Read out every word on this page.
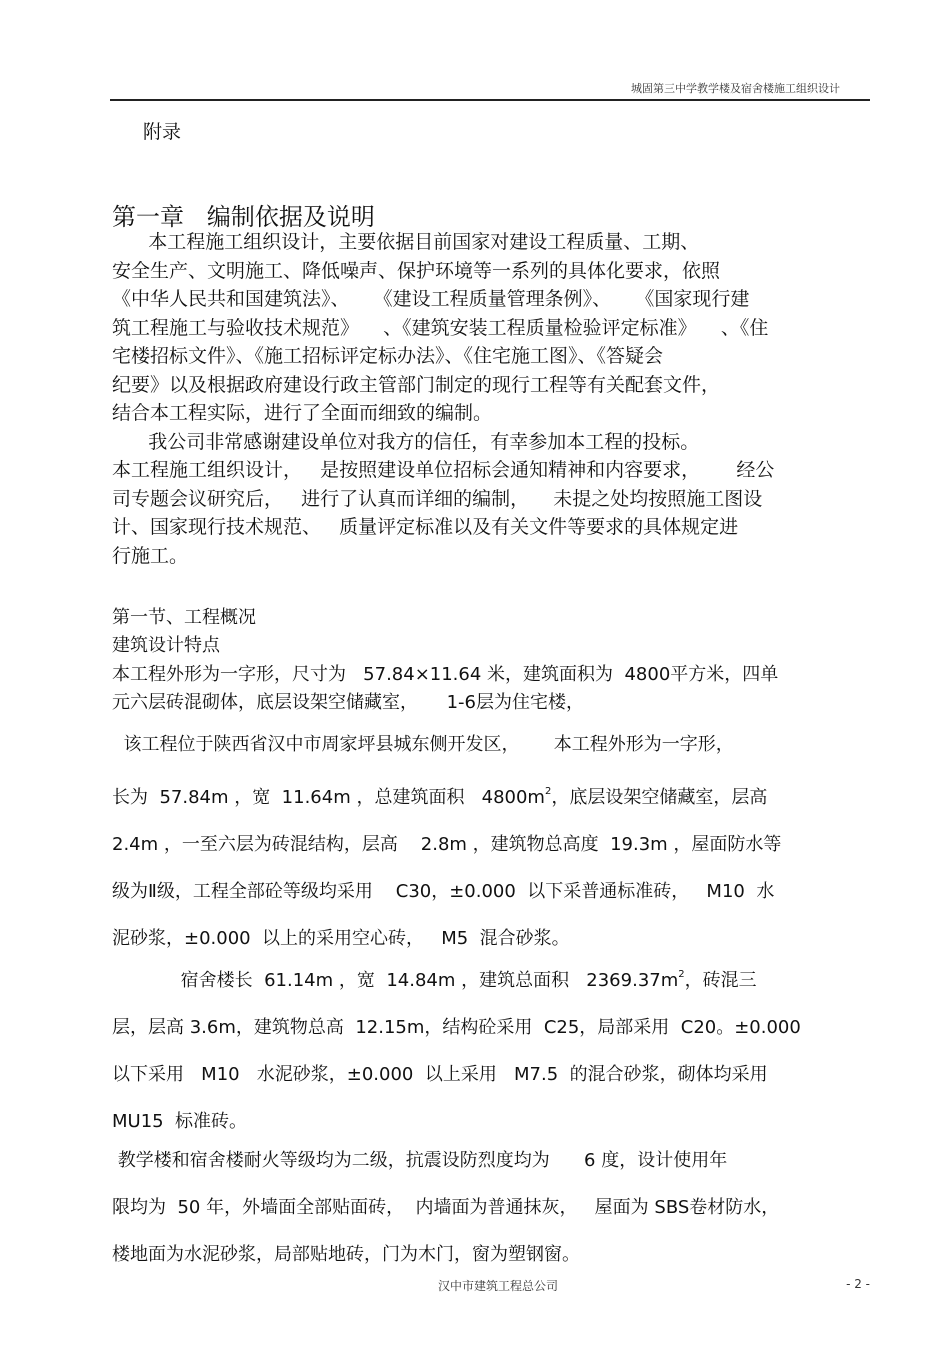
城固第三中学教学楼及宿舍楼施工组织设计
附录
第一章   编制依据及说明
本工程施工组织设计，主要依据目前国家对建设工程质量、工期、
安全生产、文明施工、降低噪声、保护环境等一系列的具体化要求，依照
《中华人民共和国建筑法》、    《建设工程质量管理条例》、    《国家现行建
筑工程施工与验收技术规范》    、《建筑安装工程质量检验评定标准》    、《住
宅楼招标文件》、《施工招标评定标办法》、《住宅施工图》、《答疑会
纪要》以及根据政府建设行政主管部门制定的现行工程等有关配套文件，
结合本工程实际，进行了全面而细致的编制。
我公司非常感谢建设单位对我方的信任，有幸参加本工程的投标。
本工程施工组织设计，   是按照建设单位招标会通知精神和内容要求，      经公
司专题会议研究后，   进行了认真而详细的编制，    未提之处均按照施工图设
计、国家现行技术规范、   质量评定标准以及有关文件等要求的具体规定进
行施工。
第一节、工程概况
建筑设计特点
本工程外形为一字形，尺寸为   57.84×11.64 米，建筑面积为  4800平方米，四单
元六层砖混砌体，底层设架空储藏室，     1-6层为住宅楼，
该工程位于陕西省汉中市周家坪县城东侧开发区，      本工程外形为一字形，
长为  57.84m ，宽  11.64m ，总建筑面积   $4800m^2$，底层设架空储藏室，层高
2.4m ，一至六层为砖混结构，层高    2.8m ，建筑物总高度  19.3m ，屋面防水等
级为Ⅱ级，工程全部砼等级均采用    C30，±0.000  以下采普通标准砖，   M10  水
泥砂浆，±0.000  以上的采用空心砖，   M5  混合砂浆。
宿舍楼长  61.14m ，宽  14.84m ，建筑总面积   $2369.37m^2$，砖混三
层，层高 3.6m，建筑物总高  12.15m，结构砼采用  C25，局部采用  C20。±0.000
以下采用   M10   水泥砂浆，±0.000  以上采用   M7.5  的混合砂浆，砌体均采用
MU15  标准砖。
教学楼和宿舍楼耐火等级均为二级，抗震设防烈度均为      6 度，设计使用年
限均为  50 年，外墙面全部贴面砖，  内墙面为普通抹灰，   屋面为 SBS卷材防水，
楼地面为水泥砂浆，局部贴地砖，门为木门，窗为塑钢窗。
汉中市建筑工程总公司	- 2 -
